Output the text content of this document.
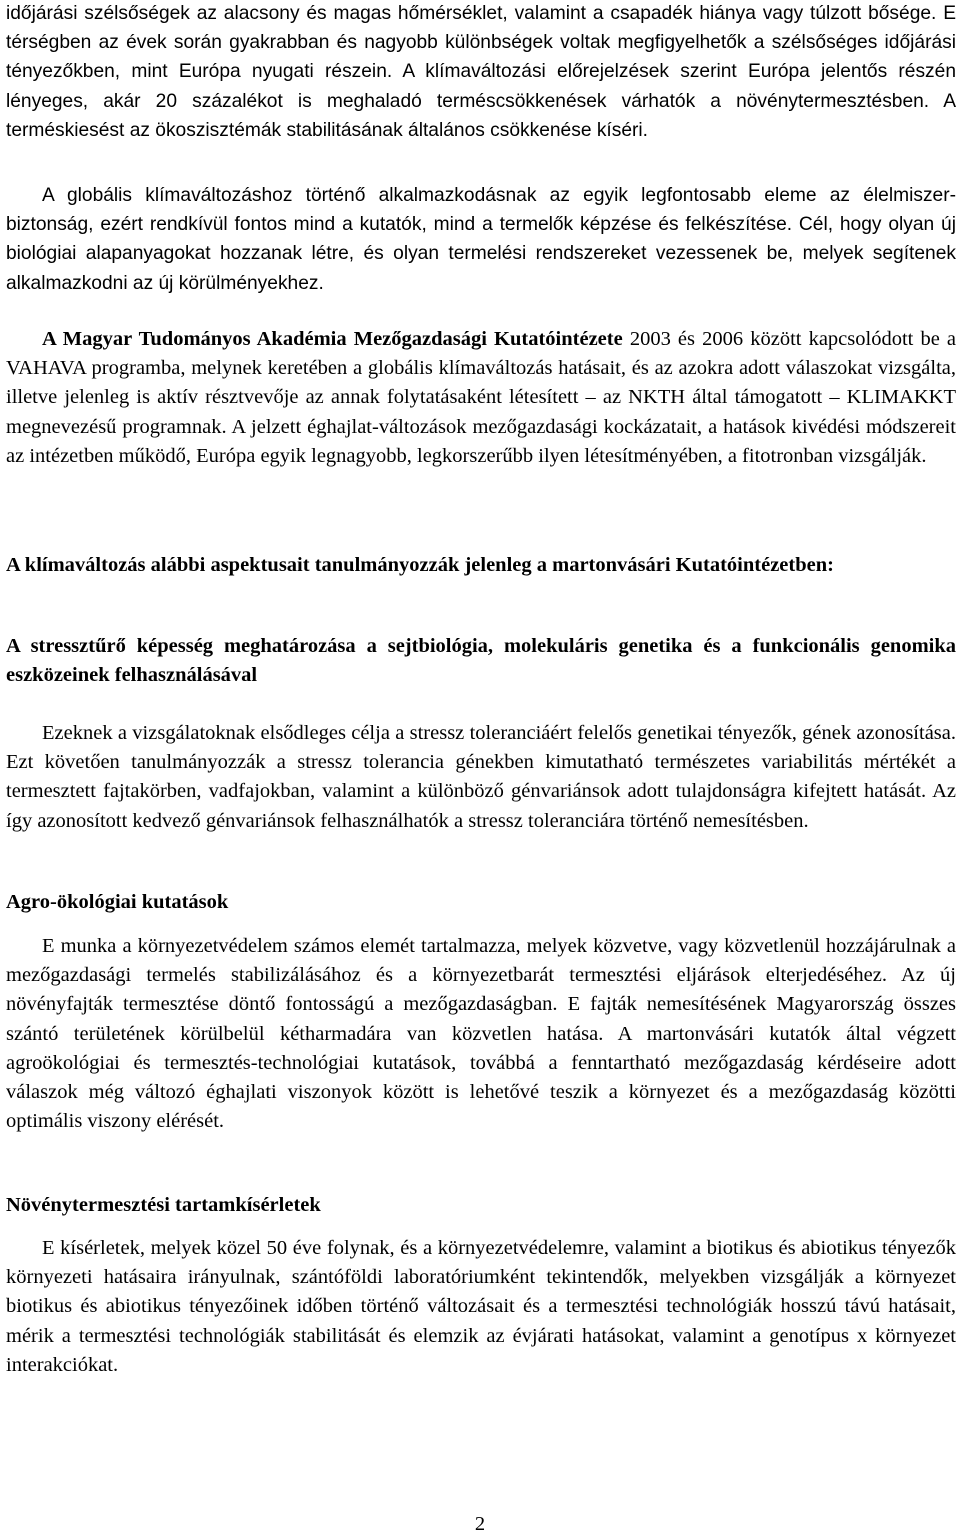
időjárási szélsőségek az alacsony és magas hőmérséklet, valamint a csapadék hiánya vagy túlzott bősége. E térségben az évek során gyakrabban és nagyobb különbségek voltak megfigyelhetők a szélsőséges időjárási tényezőkben, mint Európa nyugati részein. A klímaváltozási előrejelzések szerint Európa jelentős részén lényeges, akár 20 százalékot is meghaladó terméscsökkenések várhatók a növénytermesztésben. A terméskiesést az ökoszisztémák stabilitásának általános csökkenése kíséri.

A globális klímaváltozáshoz történő alkalmazkodásnak az egyik legfontosabb eleme az élelmiszer-biztonság, ezért rendkívül fontos mind a kutatók, mind a termelők képzése és felkészítése. Cél, hogy olyan új biológiai alapanyagokat hozzanak létre, és olyan termelési rendszereket vezessenek be, melyek segítenek alkalmazkodni az új körülményekhez.

A Magyar Tudományos Akadémia Mezőgazdasági Kutatóintézete 2003 és 2006 között kapcsolódott be a VAHAVA programba, melynek keretében a globális klímaváltozás hatásait, és az azokra adott válaszokat vizsgálta, illetve jelenleg is aktív résztvevője az annak folytatásaként létesített – az NKTH által támogatott – KLIMAKKT megnevezésű programnak. A jelzett éghajlat-változások mezőgazdasági kockázatait, a hatások kivédési módszereit az intézetben működő, Európa egyik legnagyobb, legkorszerűbb ilyen létesítményében, a fitotronban vizsgálják.

A klímaváltozás alábbi aspektusait tanulmányozzák jelenleg a martonvásári Kutatóintézetben:

A stressztűrő képesség meghatározása a sejtbiológia, molekuláris genetika és a funkcionális genomika eszközeinek felhasználásával

Ezeknek a vizsgálatoknak elsődleges célja a stressz toleranciáért felelős genetikai tényezők, gének azonosítása. Ezt követően tanulmányozzák a stressz tolerancia génekben kimutatható természetes variabilitás mértékét a termesztett fajtakörben, vadfajokban, valamint a különböző génvariánsok adott tulajdonságra kifejtett hatását. Az így azonosított kedvező génvariánsok felhasználhatók a stressz toleranciára történő nemesítésben.

Agro-ökológiai kutatások

E munka a környezetvédelem számos elemét tartalmazza, melyek közvetve, vagy közvetlenül hozzájárulnak a mezőgazdasági termelés stabilizálásához és a környezetbarát termesztési eljárások elterjedéséhez. Az új növényfajták termesztése döntő fontosságú a mezőgazdaságban. E fajták nemesítésének Magyarország összes szántó területének körülbelül kétharmadára van közvetlen hatása. A martonvásári kutatók által végzett agroökológiai és termesztés-technológiai kutatások, továbbá a fenntartható mezőgazdaság kérdéseire adott válaszok még változó éghajlati viszonyok között is lehetővé teszik a környezet és a mezőgazdaság közötti optimális viszony elérését.

Növénytermesztési tartamkísérletek

E kísérletek, melyek közel 50 éve folynak, és a környezetvédelemre, valamint a biotikus és abiotikus tényezők környezeti hatásaira irányulnak, szántóföldi laboratóriumként tekintendők, melyekben vizsgálják a környezet biotikus és abiotikus tényezőinek időben történő változásait és a termesztési technológiák hosszú távú hatásait, mérik a termesztési technológiák stabilitását és elemzik az évjárati hatásokat, valamint a genotípus x környezet interakciókat.

2
